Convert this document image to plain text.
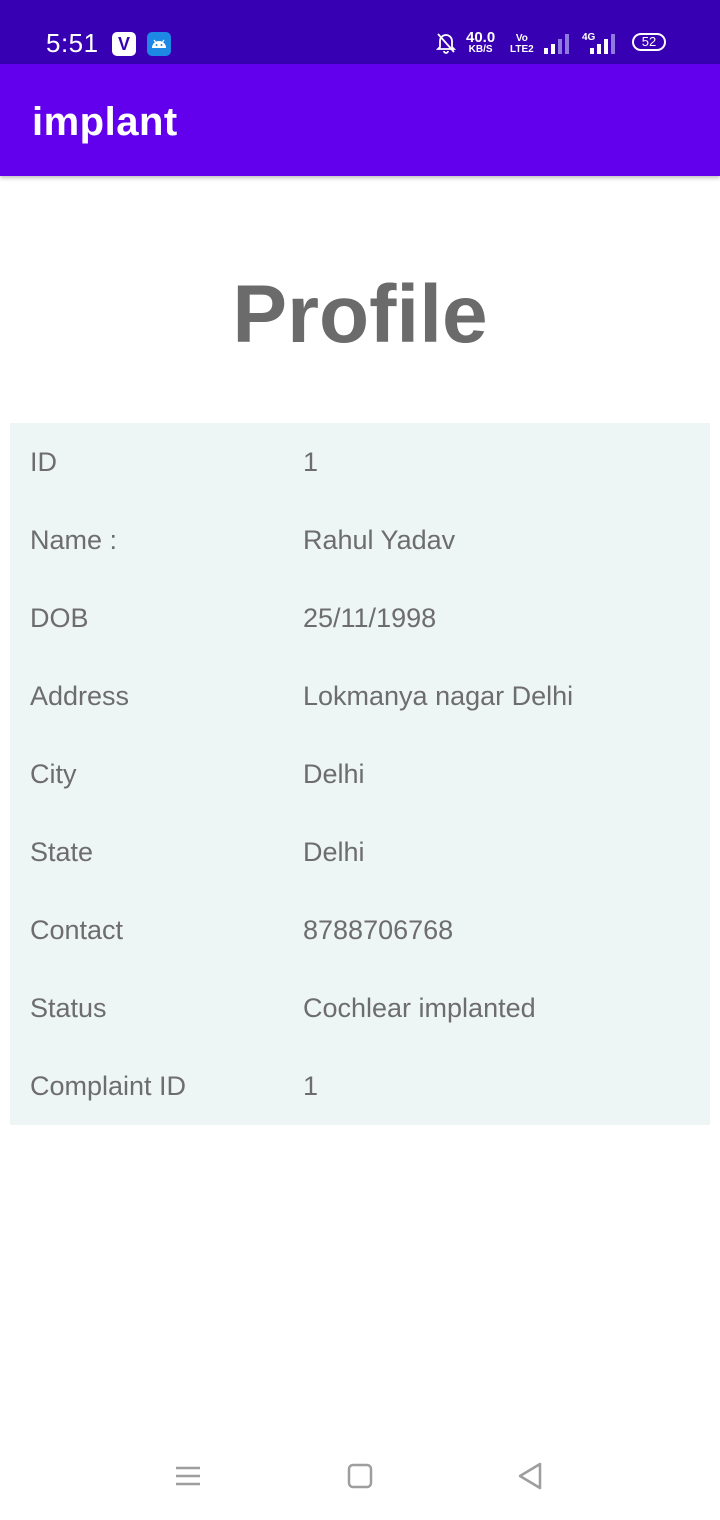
5:51	V	40.0
KB/S
Vo
LTE2
4G	52
implant
Profile
ID	1
Name :	Rahul Yadav
DOB	25/11/1998
Address	Lokmanya nagar Delhi
City	Delhi
State	Delhi
Contact	8788706768
Status	Cochlear implanted
Complaint ID	1
